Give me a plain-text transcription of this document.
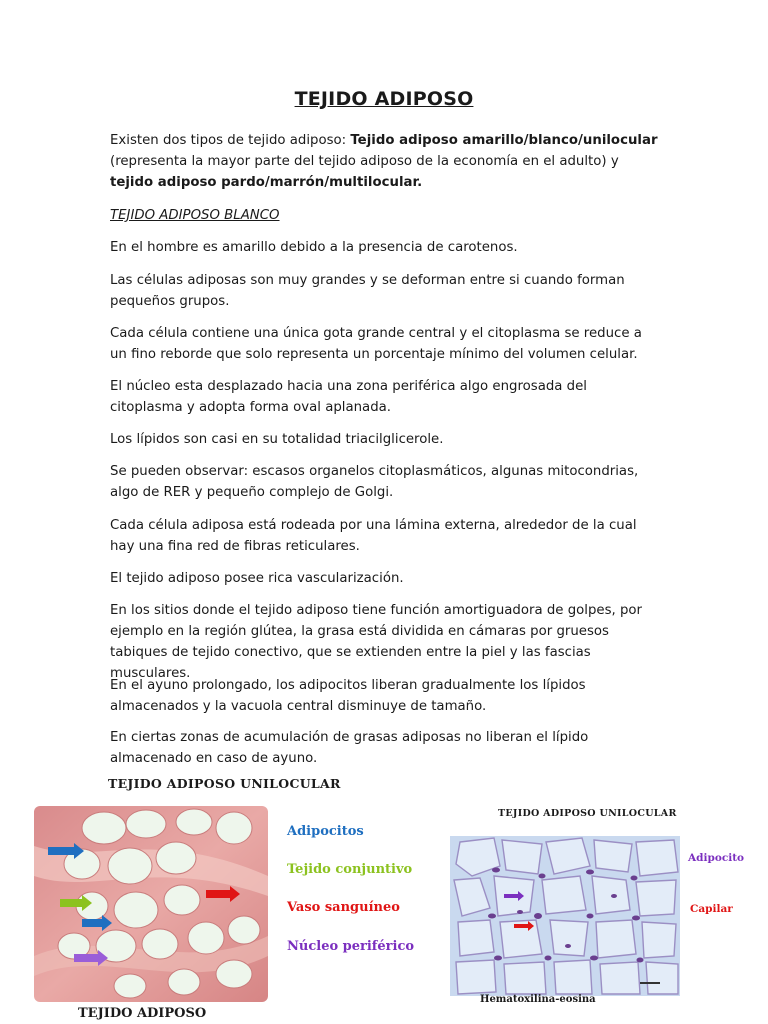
TEJIDO ADIPOSO
Existen dos tipos de tejido adiposo: Tejido adiposo amarillo/blanco/unilocular (representa la mayor parte del tejido adiposo de la economía en el adulto) y tejido adiposo pardo/marrón/multilocular.
TEJIDO ADIPOSO BLANCO
En el hombre es amarillo debido a la presencia de carotenos.
Las células adiposas son muy grandes y se deforman entre si cuando forman pequeños grupos.
Cada célula contiene una única gota grande central y el citoplasma se reduce a un fino reborde que solo representa un porcentaje mínimo del volumen celular.
El núcleo esta desplazado hacia una zona periférica algo engrosada del citoplasma y adopta forma oval aplanada.
Los lípidos son casi en su totalidad triacilglicerole.
Se pueden observar: escasos organelos citoplasmáticos, algunas mitocondrias, algo de RER y pequeño complejo de Golgi.
Cada célula adiposa está rodeada por una lámina externa, alrededor de la cual hay una fina red de fibras reticulares.
El tejido adiposo posee rica vascularización.
En los sitios donde el tejido adiposo tiene función amortiguadora de golpes, por ejemplo en la región glútea, la grasa está dividida en cámaras por gruesos tabiques de tejido conectivo, que se extienden entre la piel y las fascias musculares.
En el ayuno prolongado, los adipocitos liberan gradualmente los lípidos almacenados y la vacuola central disminuye de tamaño.
En ciertas zonas de acumulación de grasas adiposas no liberan el lípido almacenado en caso de ayuno.
TEJIDO ADIPOSO UNILOCULAR
TEJIDO ADIPOSO
Adipocitos
Tejido conjuntivo
Vaso sanguíneo
Núcleo periférico
TEJIDO ADIPOSO UNILOCULAR
Hematoxilina-eosina
Adipocito
Capilar
